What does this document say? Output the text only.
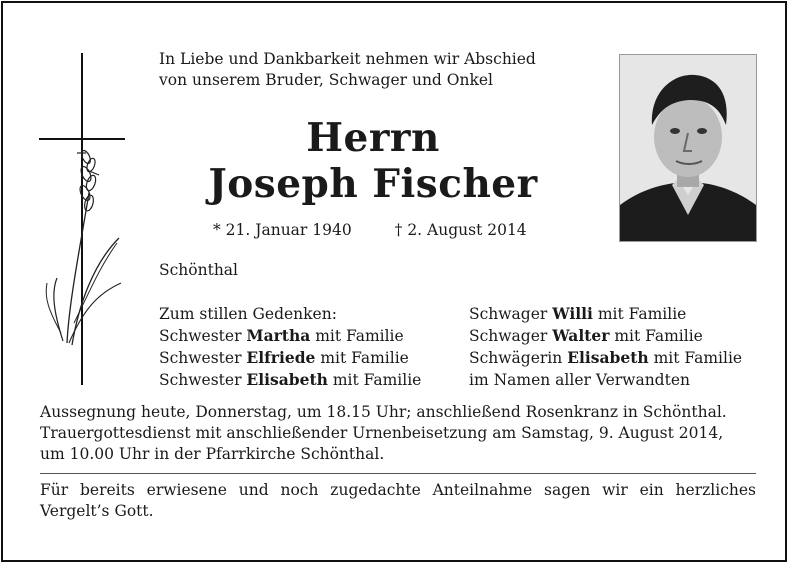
In Liebe und Dankbarkeit nehmen wir Abschied
von unserem Bruder, Schwager und Onkel
Herrn
Joseph Fischer
* 21. Januar 1940	† 2. August 2014
Schönthal
Zum stillen Gedenken:
Schwester Martha mit Familie
Schwester Elfriede mit Familie
Schwester Elisabeth mit Familie
Schwager Willi mit Familie
Schwager Walter mit Familie
Schwägerin Elisabeth mit Familie
im Namen aller Verwandten
Aussegnung heute, Donnerstag, um 18.15 Uhr; anschließend Rosenkranz in Schönthal.
Trauergottesdienst mit anschließender Urnenbeisetzung am Samstag, 9. August 2014,
um 10.00 Uhr in der Pfarrkirche Schönthal.
Für bereits erwiesene und noch zugedachte Anteilnahme sagen wir ein herzliches Vergelt’s Gott.
